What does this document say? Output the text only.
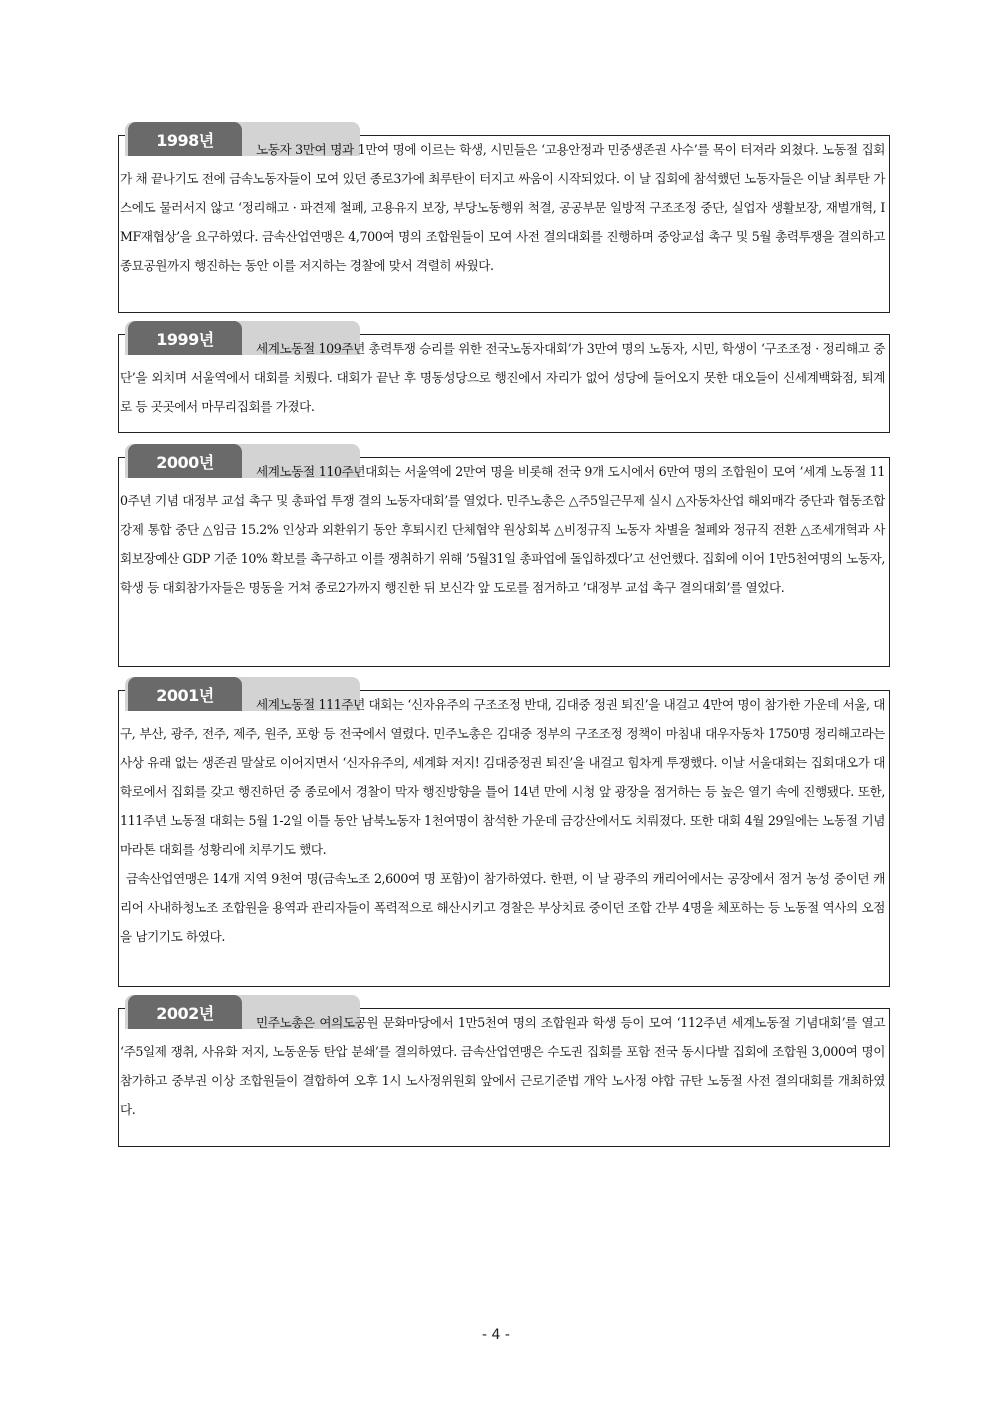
1998년	노동자 3만여 명과 1만여 명에 이르는 학생, 시민들은 ‘고용안정과 민중생존권 사수’를 목이 터져라 외쳤다. 노동절 집회가 채 끝나기도 전에 금속노동자들이 모여 있던 종로3가에 최루탄이 터지고 싸움이 시작되었다. 이 날 집회에 참석했던 노동자들은 이날 최루탄 가스에도 물러서지 않고 ‘정리해고 · 파견제 철폐, 고용유지 보장, 부당노동행위 척결, 공공부문 일방적 구조조정 중단, 실업자 생활보장, 재벌개혁, IMF재협상’을 요구하였다. 금속산업연맹은 4,700여 명의 조합원들이 모여 사전 결의대회를 진행하며 중앙교섭 촉구 및 5월 총력투쟁을 결의하고 종묘공원까지 행진하는 동안 이를 저지하는 경찰에 맞서 격렬히 싸웠다.

1999년	세계노동절 109주년 총력투쟁 승리를 위한 전국노동자대회’가 3만여 명의 노동자, 시민, 학생이 ‘구조조정 · 정리해고 중단’을 외치며 서울역에서 대회를 치뤘다. 대회가 끝난 후 명동성당으로 행진에서 자리가 없어 성당에 들어오지 못한 대오들이 신세계백화점, 퇴계로 등 곳곳에서 마무리집회를 가졌다.

2000년	세계노동절 110주년대회는 서울역에 2만여 명을 비롯해 전국 9개 도시에서 6만여 명의 조합원이 모여 ’세계 노동절 110주년 기념 대정부 교섭 촉구 및 총파업 투쟁 결의 노동자대회’를 열었다. 민주노총은 △주5일근무제 실시 △자동차산업 해외매각 중단과 협동조합 강제 통합 중단 △임금 15.2% 인상과 외환위기 동안 후퇴시킨 단체협약 원상회복 △비정규직 노동자 차별을 철폐와 정규직 전환 △조세개혁과 사회보장예산 GDP 기준 10% 확보를 촉구하고 이를 쟁취하기 위해 ’5월31일 총파업에 돌입하겠다’고 선언했다. 집회에 이어 1만5천여명의 노동자, 학생 등 대회참가자들은 명동을 거쳐 종로2가까지 행진한 뒤 보신각 앞 도로를 점거하고 ’대정부 교섭 촉구 결의대회’를 열었다.

2001년	세계노동절 111주년 대회는 ‘신자유주의 구조조정 반대, 김대중 정권 퇴진’을 내걸고 4만여 명이 참가한 가운데 서울, 대구, 부산, 광주, 전주, 제주, 원주, 포항 등 전국에서 열렸다. 민주노총은 김대중 정부의 구조조정 정책이 마침내 대우자동차 1750명 정리해고라는 사상 유래 없는 생존권 말살로 이어지면서 ‘신자유주의, 세계화 저지! 김대중정권 퇴진’을 내걸고 힘차게 투쟁했다. 이날 서울대회는 집회대오가 대학로에서 집회를 갖고 행진하던 중 종로에서 경찰이 막자 행진방향을 틀어 14년 만에 시청 앞 광장을 점거하는 등 높은 열기 속에 진행됐다. 또한, 111주년 노동절 대회는 5월 1-2일 이틀 동안 남북노동자 1천여명이 참석한 가운데 금강산에서도 치뤄졌다. 또한 대회 4월 29일에는 노동절 기념 마라톤 대회를 성황리에 치루기도 했다.

금속산업연맹은 14개 지역 9천여 명(금속노조 2,600여 명 포함)이 참가하였다. 한편, 이 날 광주의 캐리어에서는 공장에서 점거 농성 중이던 캐리어 사내하청노조 조합원을 용역과 관리자들이 폭력적으로 해산시키고 경찰은 부상치료 중이던 조합 간부 4명을 체포하는 등 노동절 역사의 오점을 남기기도 하였다.

2002년	민주노총은 여의도공원 문화마당에서 1만5천여 명의 조합원과 학생 등이 모여 ‘112주년 세계노동절 기념대회’를 열고 ‘주5일제 쟁취, 사유화 저지, 노동운동 탄압 분쇄’를 결의하였다. 금속산업연맹은 수도권 집회를 포함 전국 동시다발 집회에 조합원 3,000여 명이 참가하고 중부권 이상 조합원들이 결합하여 오후 1시 노사정위원회 앞에서 근로기준법 개악 노사정 야합 규탄 노동절 사전 결의대회를 개최하였다.

- 4 -
